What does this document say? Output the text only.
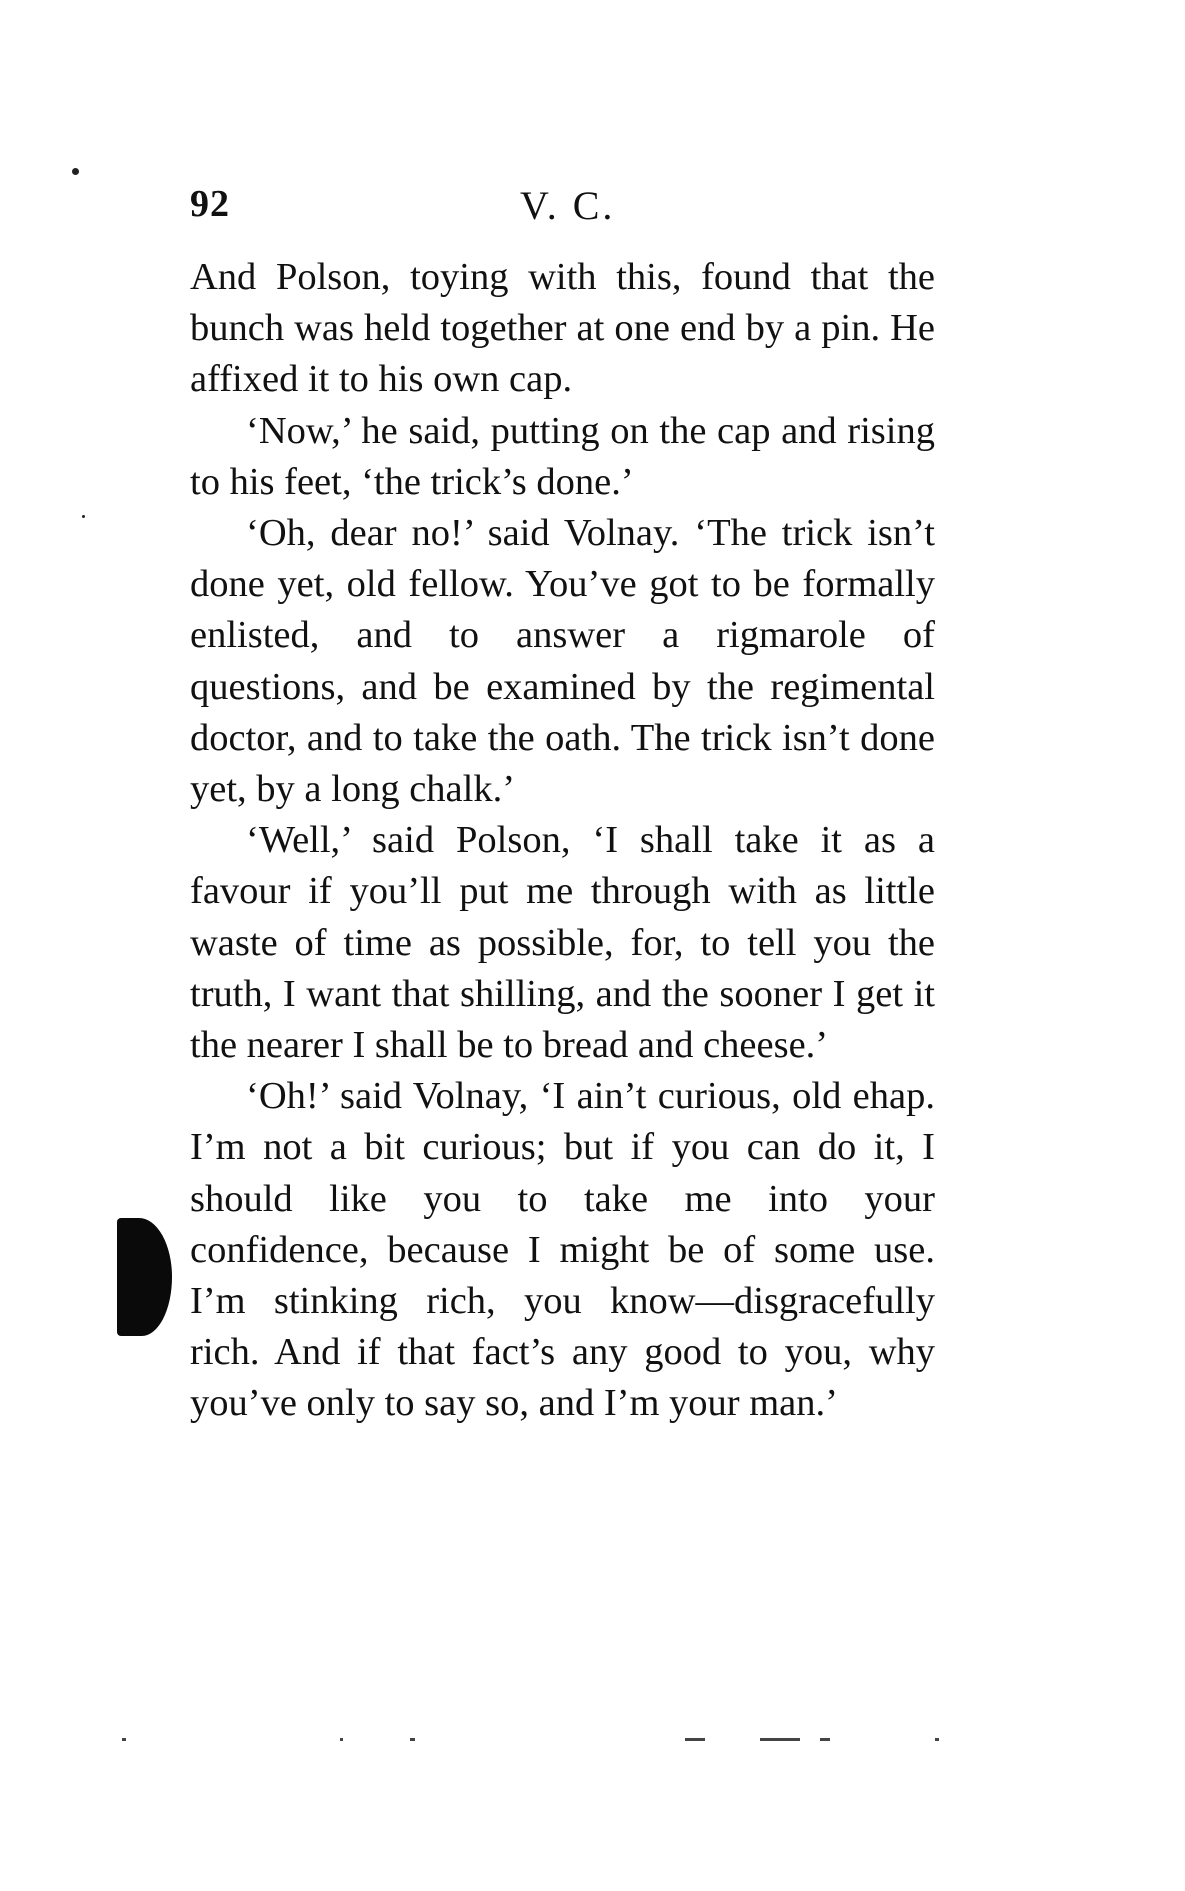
92	V. C.

And Polson, toying with this, found that the bunch was held together at one end by a pin. He affixed it to his own cap.

‘Now,’ he said, putting on the cap and rising to his feet, ‘the trick’s done.’

‘Oh, dear no!’ said Volnay. ‘The trick isn’t done yet, old fellow. You’ve got to be formally enlisted, and to answer a rigmarole of questions, and be examined by the regimental doctor, and to take the oath. The trick isn’t done yet, by a long chalk.’

‘Well,’ said Polson, ‘I shall take it as a favour if you’ll put me through with as little waste of time as possible, for, to tell you the truth, I want that shilling, and the sooner I get it the nearer I shall be to bread and cheese.’

‘Oh!’ said Volnay, ‘I ain’t curious, old ehap. I’m not a bit curious; but if you can do it, I should like you to take me into your confidence, because I might be of some use. I’m stinking rich, you know—disgracefully rich. And if that fact’s any good to you, why you’ve only to say so, and I’m your man.’
